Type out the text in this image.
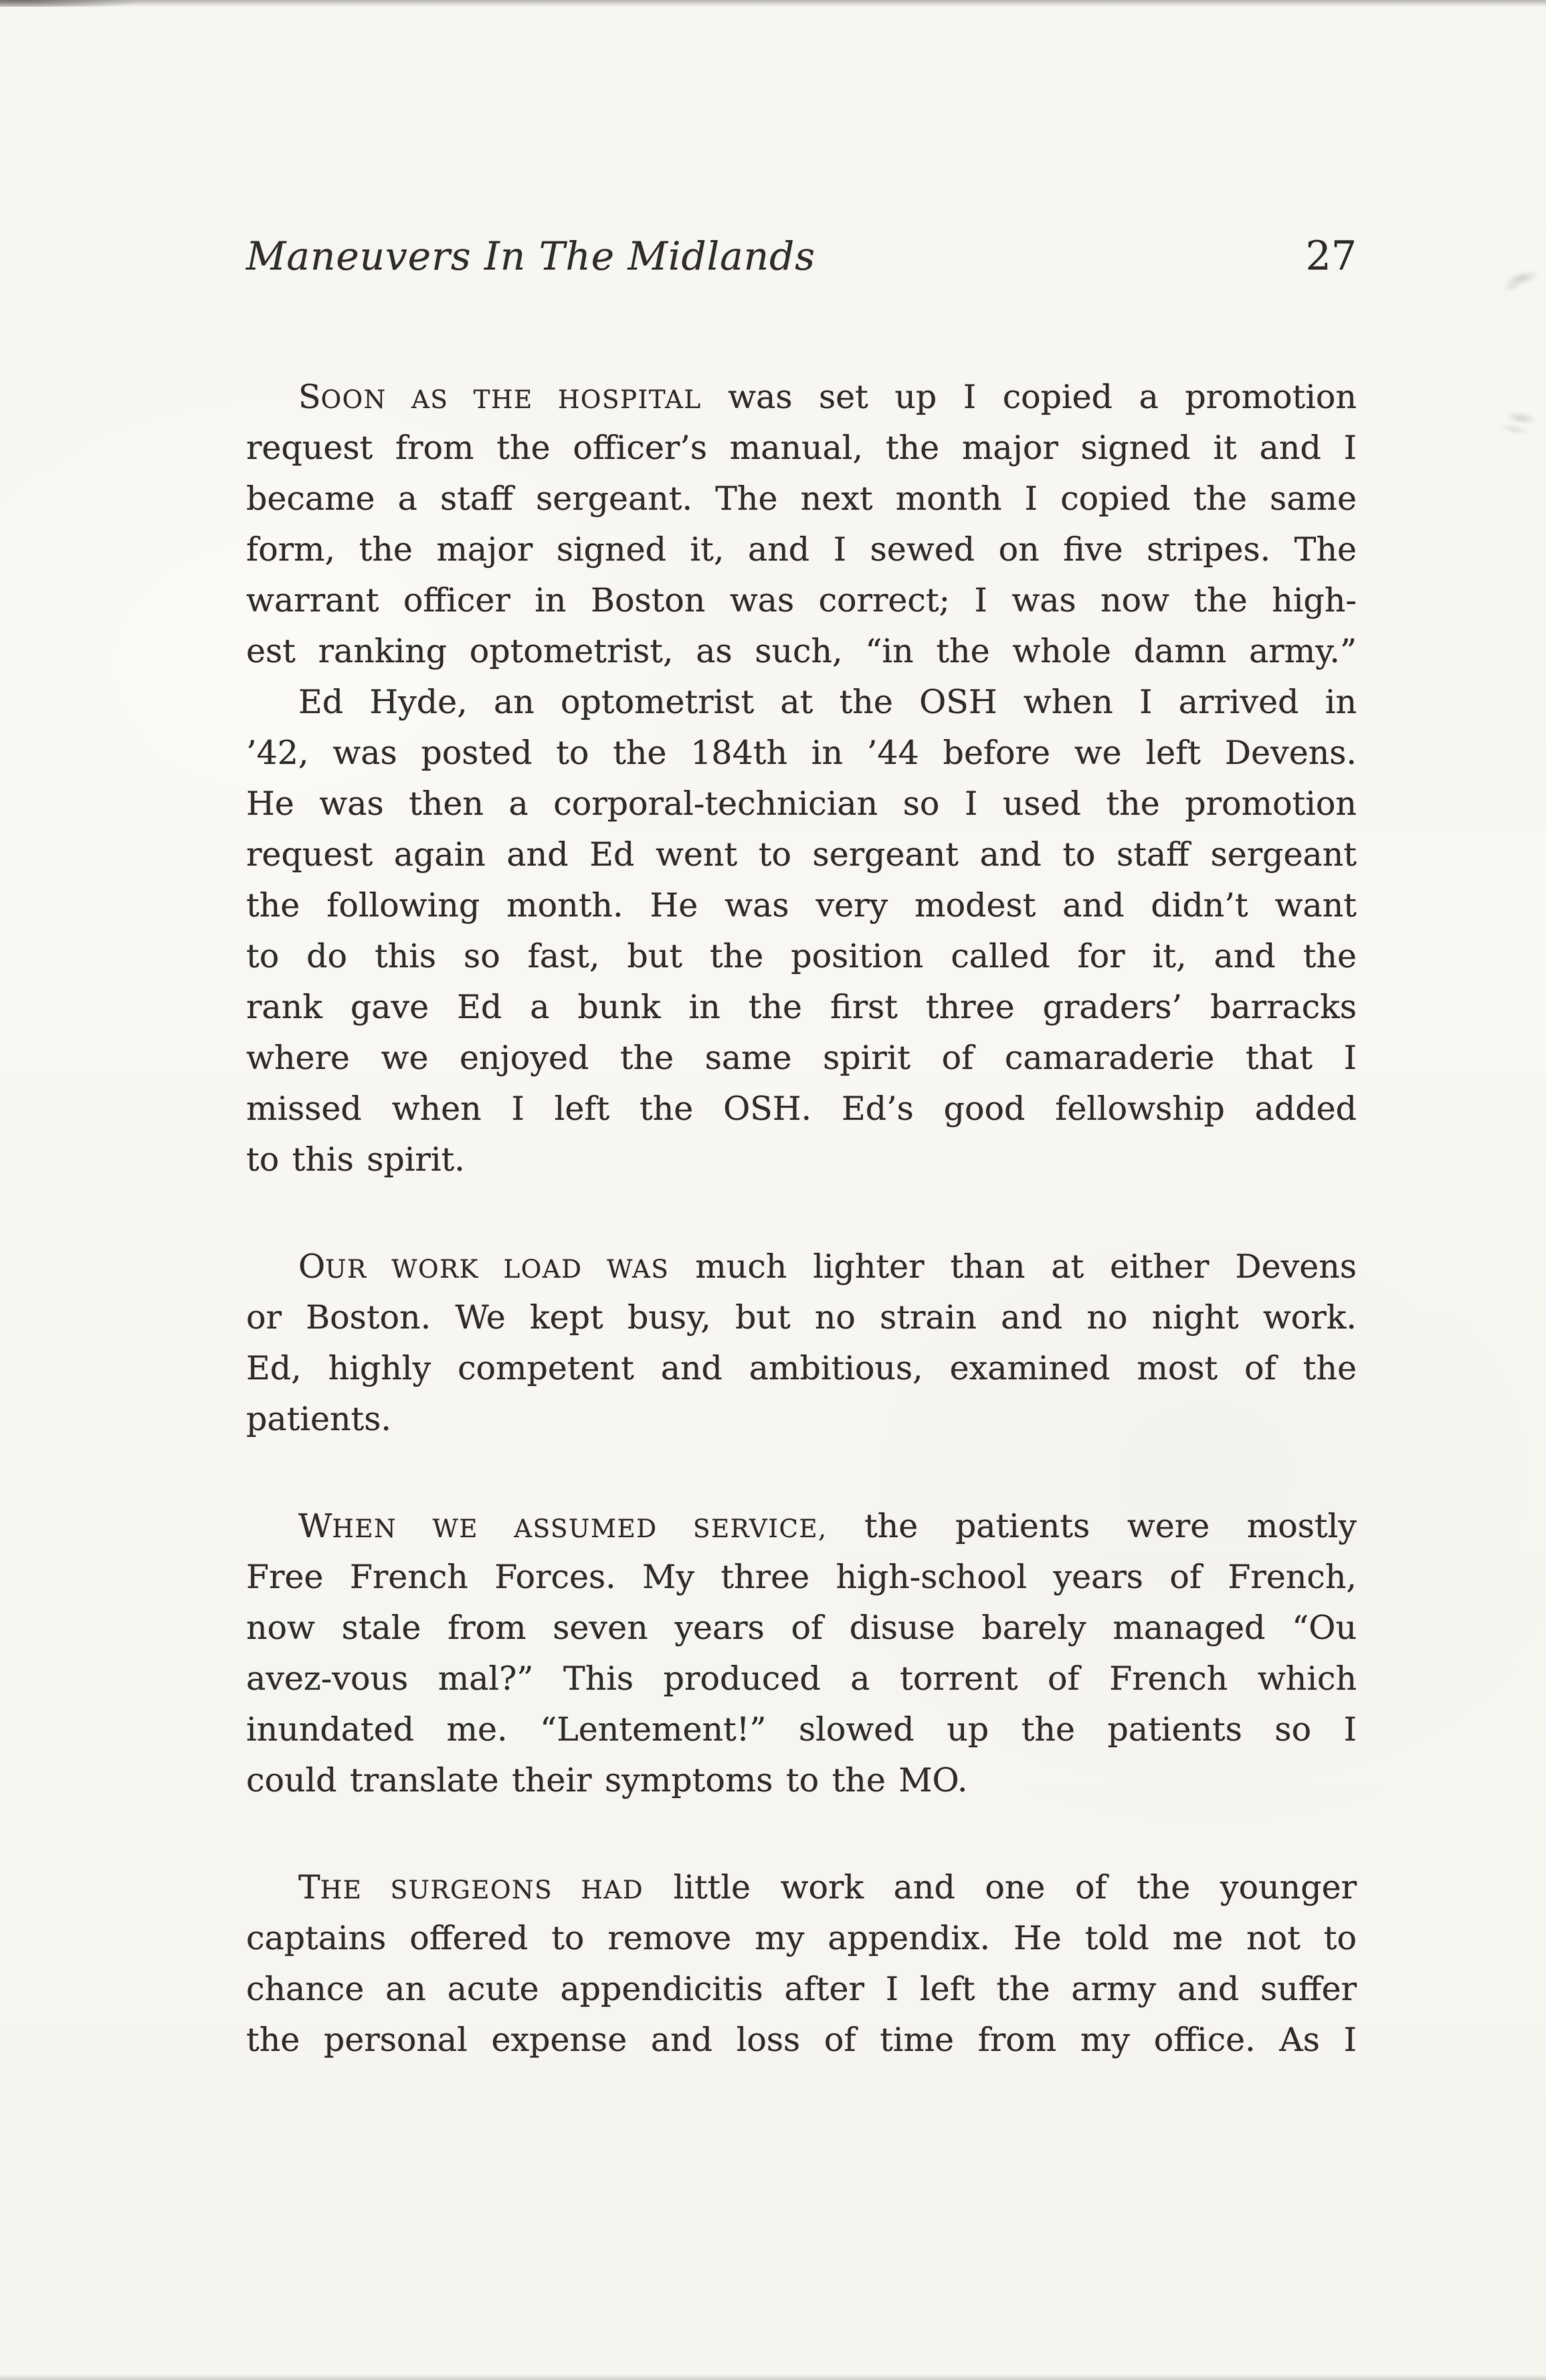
Maneuvers In The Midlands	27
SOON AS THE HOSPITAL was set up I copied a promotion
request from the officer’s manual, the major signed it and I
became a staff sergeant. The next month I copied the same
form, the major signed it, and I sewed on five stripes. The
warrant officer in Boston was correct; I was now the high-
est ranking optometrist, as such, “in the whole damn army.”
Ed Hyde, an optometrist at the OSH when I arrived in
’42, was posted to the 184th in ’44 before we left Devens.
He was then a corporal-technician so I used the promotion
request again and Ed went to sergeant and to staff sergeant
the following month. He was very modest and didn’t want
to do this so fast, but the position called for it, and the
rank gave Ed a bunk in the first three graders’ barracks
where we enjoyed the same spirit of camaraderie that I
missed when I left the OSH. Ed’s good fellowship added
to this spirit.
OUR WORK LOAD WAS much lighter than at either Devens
or Boston. We kept busy, but no strain and no night work.
Ed, highly competent and ambitious, examined most of the
patients.
WHEN WE ASSUMED SERVICE, the patients were mostly
Free French Forces. My three high-school years of French,
now stale from seven years of disuse barely managed “Ou
avez-vous mal?” This produced a torrent of French which
inundated me. “Lentement!” slowed up the patients so I
could translate their symptoms to the MO.
THE SURGEONS HAD little work and one of the younger
captains offered to remove my appendix. He told me not to
chance an acute appendicitis after I left the army and suffer
the personal expense and loss of time from my office. As I
